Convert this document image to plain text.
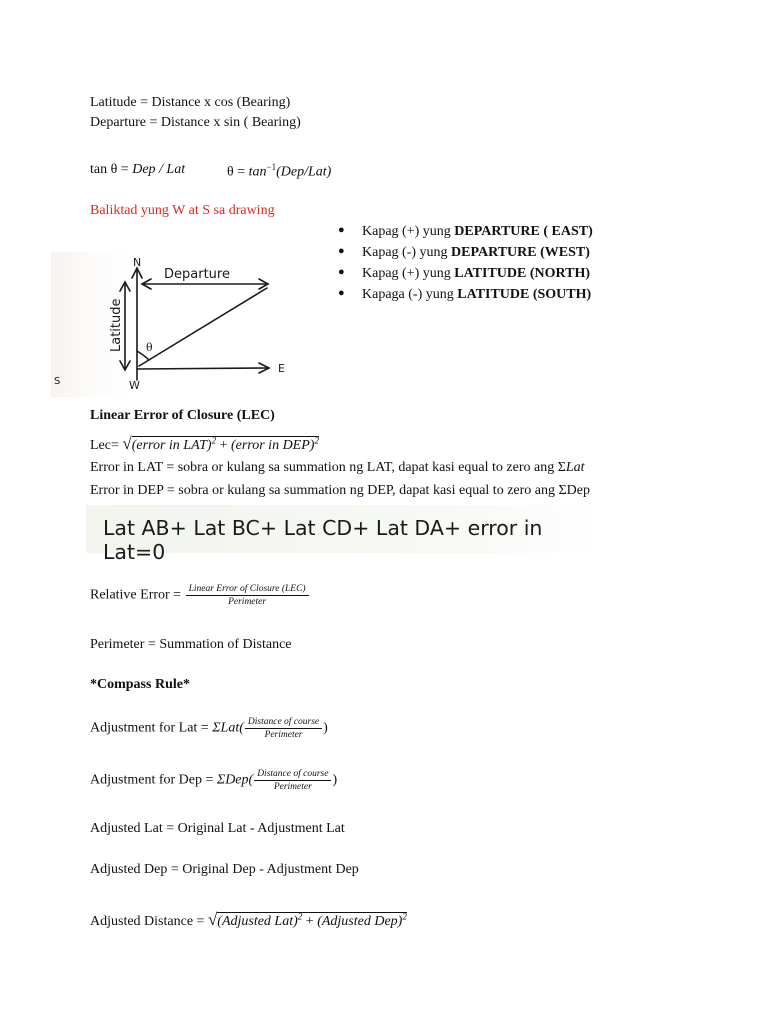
Latitude = Distance x cos (Bearing)
Departure = Distance x sin ( Bearing)
tan θ = Dep / Lat	$\theta = \tan^{-1}(Dep/Lat)$
Baliktad yung W at S sa drawing
● Kapag (+) yung DEPARTURE ( EAST)
● Kapag (-) yung DEPARTURE (WEST)
● Kapag (+) yung LATITUDE (NORTH)
● Kapaga (-) yung LATITUDE (SOUTH)
N
E
W
S
Departure
Latitude θ
Linear Error of Closure (LEC)
Lec= √(error in LAT)$^2$ + (error in DEP)$^2$
Error in LAT = sobra or kulang sa summation ng LAT, dapat kasi equal to zero ang ΣLat
Error in DEP = sobra or kulang sa summation ng DEP, dapat kasi equal to zero ang ΣDep
Lat AB+ Lat BC+ Lat CD+ Lat DA+ error in Lat=0
Relative Error = $\frac{\text{Linear Error of Closure (LEC)}}{\text{Perimeter}}$
Perimeter = Summation of Distance
*Compass Rule*
Adjustment for Lat = $\Sigma Lat( \frac{\text{Distance of course}}{\text{Perimeter}}$ )
Adjustment for Dep = $\Sigma Dep( \frac{\text{Distance of course}}{\text{Perimeter}}$ )
Adjusted Lat = Original Lat - Adjustment Lat
Adjusted Dep = Original Dep - Adjustment Dep
Adjusted Distance = √(Adjusted Lat)$^2$ + (Adjusted Dep)$^2$
